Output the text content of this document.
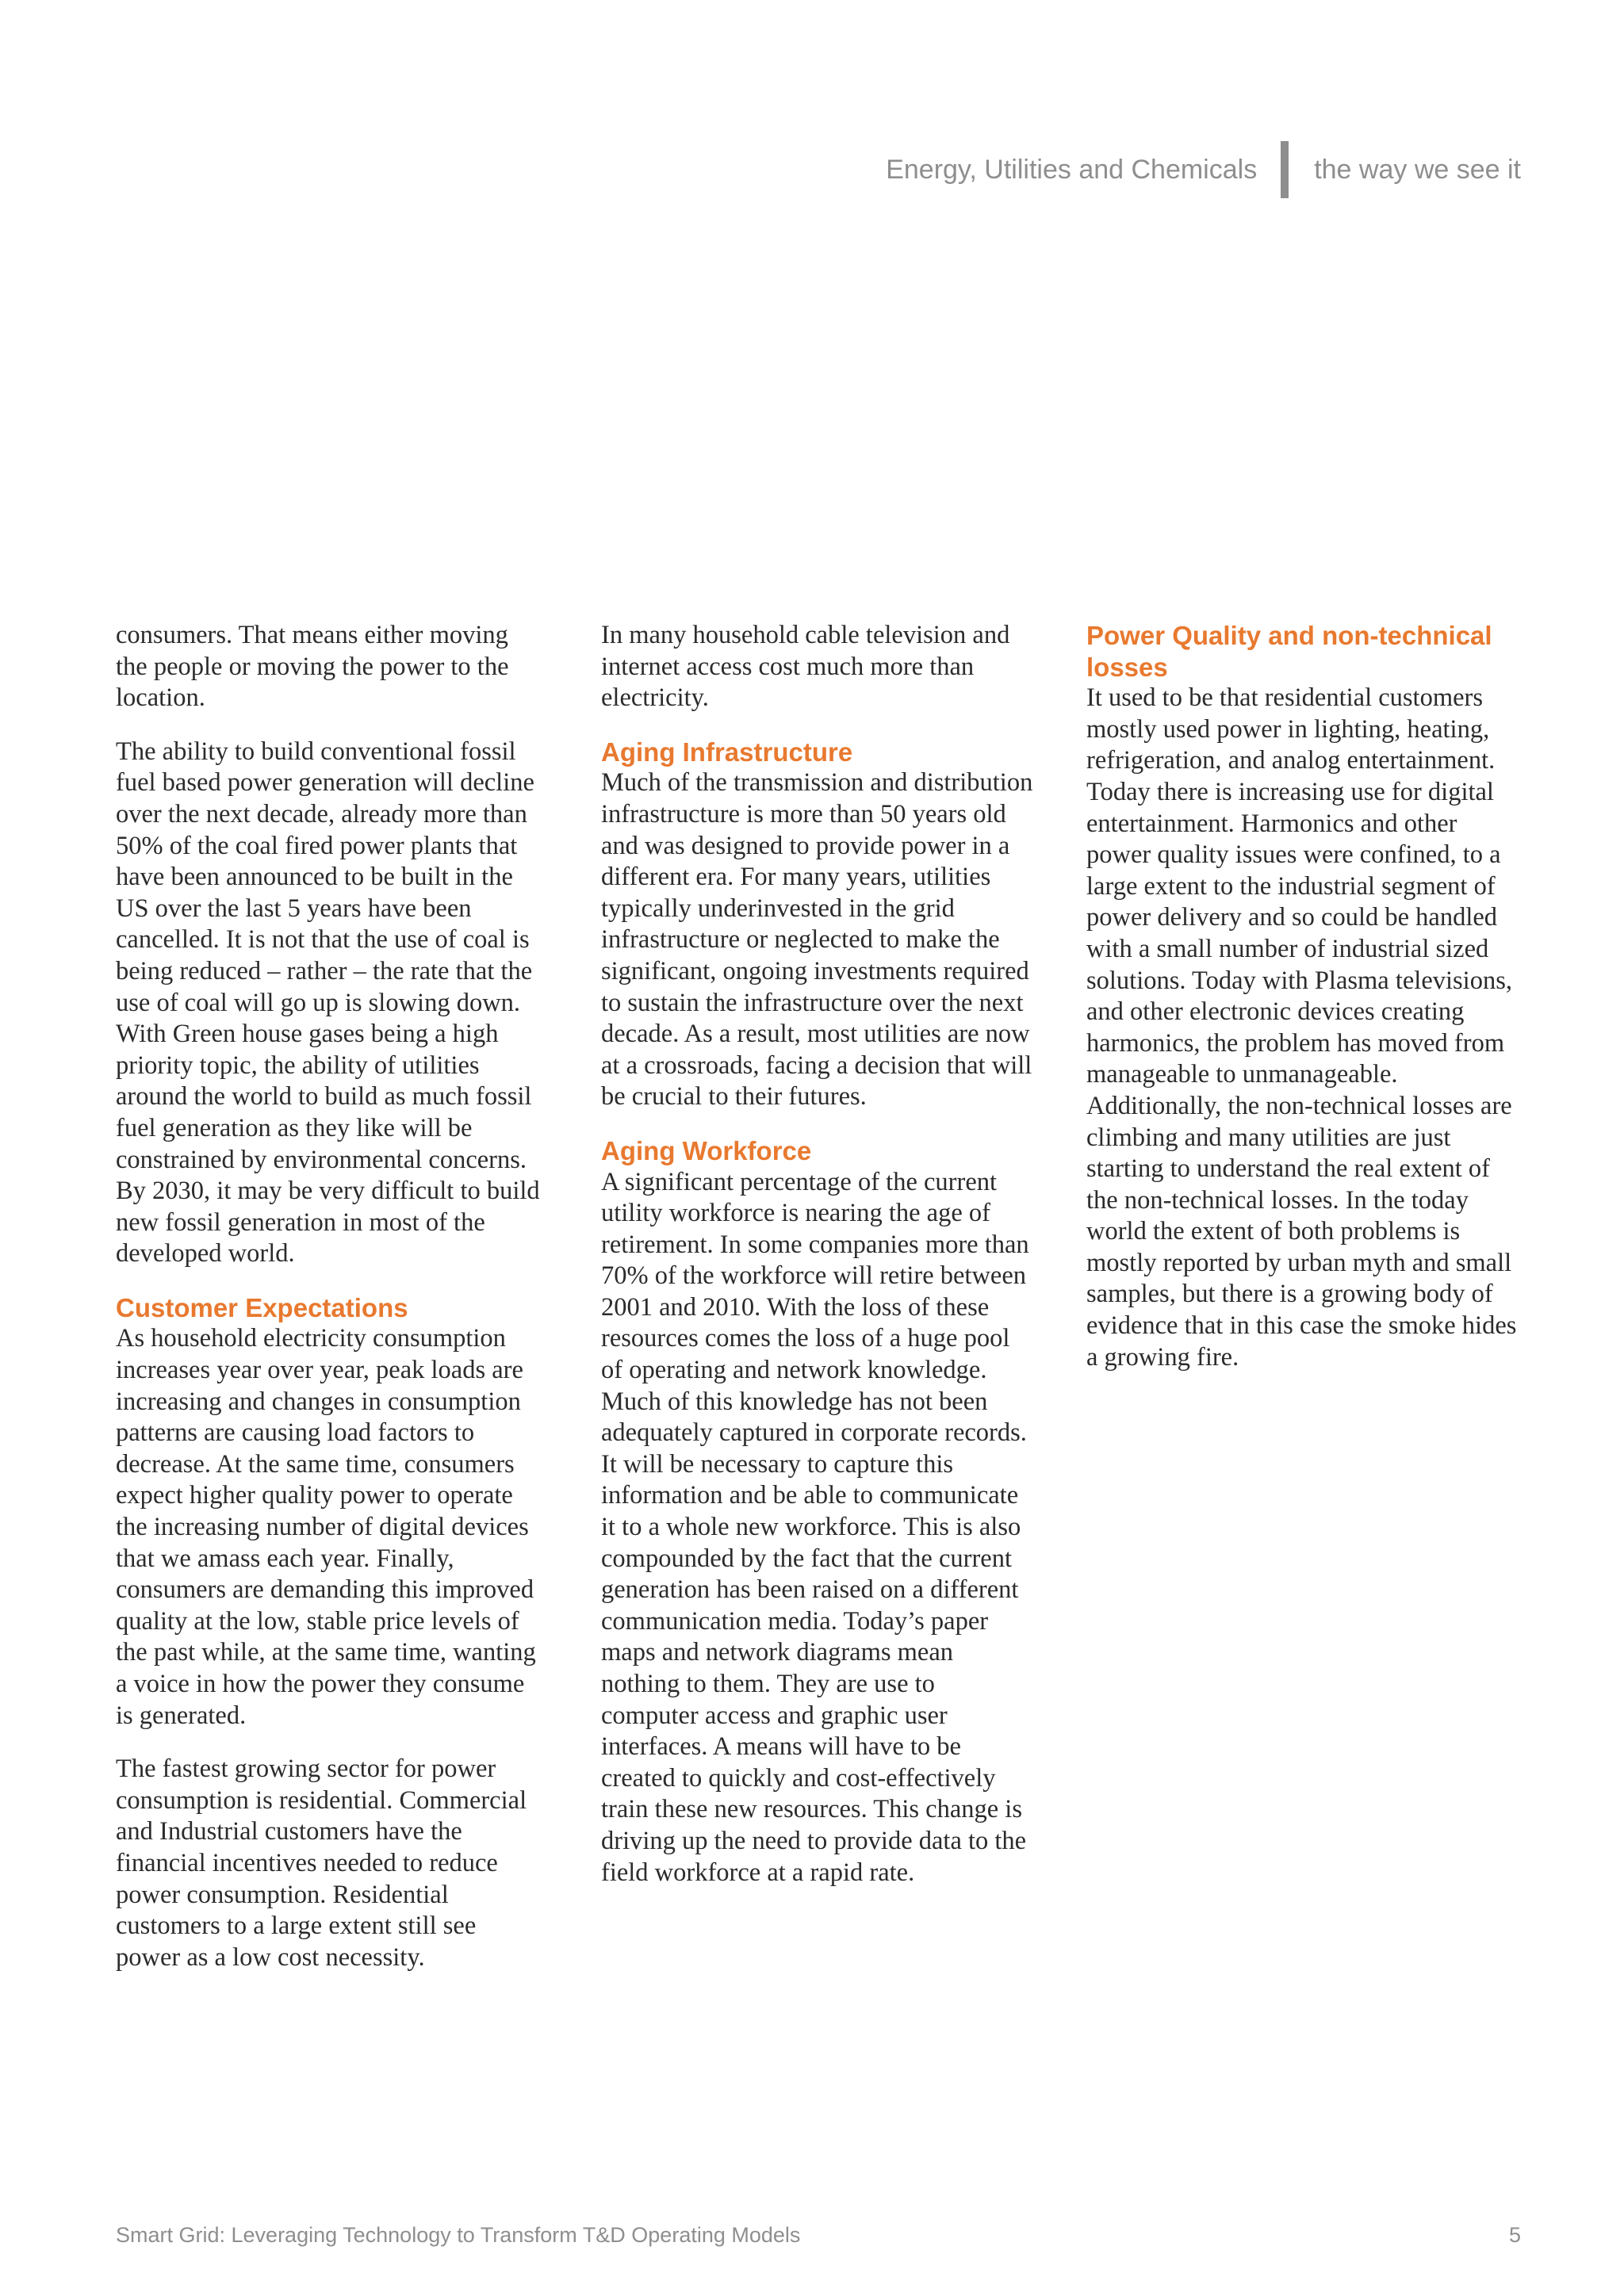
Energy, Utilities and Chemicals the way we see it

consumers. That means either moving the people or moving the power to the location.

The ability to build conventional fossil fuel based power generation will decline over the next decade, already more than 50% of the coal fired power plants that have been announced to be built in the US over the last 5 years have been cancelled. It is not that the use of coal is being reduced – rather – the rate that the use of coal will go up is slowing down. With Green house gases being a high priority topic, the ability of utilities around the world to build as much fossil fuel generation as they like will be constrained by environmental concerns. By 2030, it may be very difficult to build new fossil generation in most of the developed world.

Customer Expectations

As household electricity consumption increases year over year, peak loads are increasing and changes in consumption patterns are causing load factors to decrease. At the same time, consumers expect higher quality power to operate the increasing number of digital devices that we amass each year. Finally, consumers are demanding this improved quality at the low, stable price levels of the past while, at the same time, wanting a voice in how the power they consume is generated.

The fastest growing sector for power consumption is residential. Commercial and Industrial customers have the financial incentives needed to reduce power consumption. Residential customers to a large extent still see power as a low cost necessity.

In many household cable television and internet access cost much more than electricity.

Aging Infrastructure

Much of the transmission and distribution infrastructure is more than 50 years old and was designed to provide power in a different era. For many years, utilities typically underinvested in the grid infrastructure or neglected to make the significant, ongoing investments required to sustain the infrastructure over the next decade. As a result, most utilities are now at a crossroads, facing a decision that will be crucial to their futures.

Aging Workforce

A significant percentage of the current utility workforce is nearing the age of retirement. In some companies more than 70% of the workforce will retire between 2001 and 2010. With the loss of these resources comes the loss of a huge pool of operating and network knowledge. Much of this knowledge has not been adequately captured in corporate records. It will be necessary to capture this information and be able to communicate it to a whole new workforce. This is also compounded by the fact that the current generation has been raised on a different communication media. Today’s paper maps and network diagrams mean nothing to them. They are use to computer access and graphic user interfaces. A means will have to be created to quickly and cost-effectively train these new resources. This change is driving up the need to provide data to the field workforce at a rapid rate.

Power Quality and non-technical losses

It used to be that residential customers mostly used power in lighting, heating, refrigeration, and analog entertainment. Today there is increasing use for digital entertainment. Harmonics and other power quality issues were confined, to a large extent to the industrial segment of power delivery and so could be handled with a small number of industrial sized solutions. Today with Plasma televisions, and other electronic devices creating harmonics, the problem has moved from manageable to unmanageable. Additionally, the non-technical losses are climbing and many utilities are just starting to understand the real extent of the non-technical losses. In the today world the extent of both problems is mostly reported by urban myth and small samples, but there is a growing body of evidence that in this case the smoke hides a growing fire.

Smart Grid: Leveraging Technology to Transform T&D Operating Models	5
